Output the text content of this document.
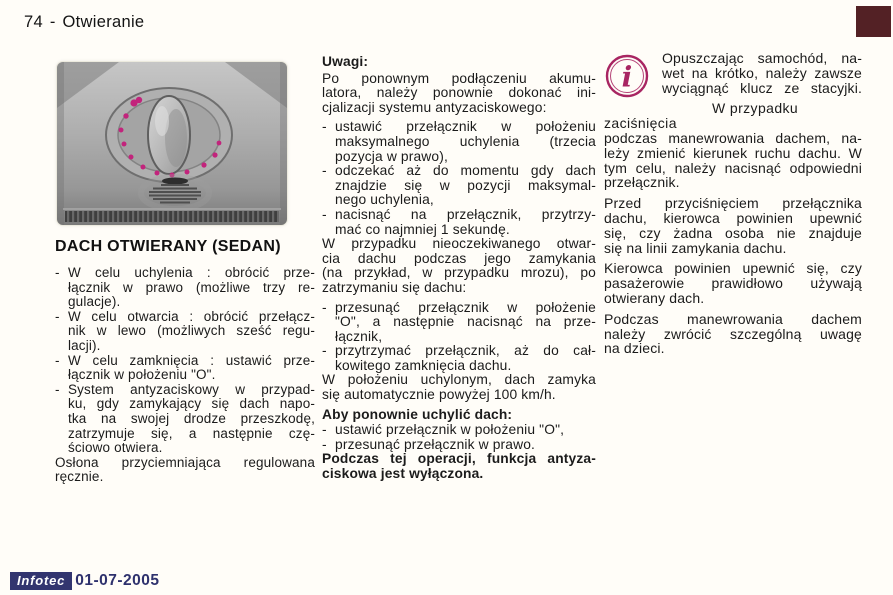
74 - Otwieranie
DACH OTWIERANY (SEDAN)
- W celu uchylenia : obrócić prze-
łącznik w prawo (możliwe trzy re-
gulacje).
- W celu otwarcia : obrócić przełącz-
nik w lewo (możliwych sześć regu-
lacji).
- W celu zamknięcia : ustawić prze-
łącznik w położeniu "O".
- System antyzaciskowy w przypad-
ku, gdy zamykający się dach napo-
tka na swojej drodze przeszkodę,
zatrzymuje się, a następnie czę-
ściowo otwiera.

Osłona przyciemniająca regulowana
ręcznie.

Uwagi:

Po ponownym podłączeniu akumu-
latora, należy ponownie dokonać ini-
cjalizacji systemu antyzaciskowego:

- ustawić przełącznik w położeniu
maksymalnego uchylenia (trzecia
pozycja w prawo),
- odczekać aż do momentu gdy dach
znajdzie się w pozycji maksymal-
nego uchylenia,
- nacisnąć na przełącznik, przytrzy-
mać co najmniej 1 sekundę.

W przypadku nieoczekiwanego otwar-
cia dachu podczas jego zamykania
(na przykład, w przypadku mrozu), po
zatrzymaniu się dachu:

- przesunąć przełącznik w położenie
"O", a następnie nacisnąć na prze-
łącznik,
- przytrzymać przełącznik, aż do cał-
kowitego zamknięcia dachu.

W położeniu uchylonym, dach zamyka
się automatycznie powyżej 100 km/h.

Aby ponownie uchylić dach:

- ustawić przełącznik w położeniu "O",
- przesunąć przełącznik w prawo.

Podczas tej operacji, funkcja antyza-
ciskowa jest wyłączona.

i

Opuszczając samochód, na-
wet na krótko, należy zawsze
wyciągnąć klucz ze stacyjki.

W przypadku zaciśnięcia
podczas manewrowania dachem, na-
leży zmienić kierunek ruchu dachu. W
tym celu, należy nacisnąć odpowiedni
przełącznik.

Przed przyciśnięciem przełącznika
dachu, kierowca powinien upewnić
się, czy żadna osoba nie znajduje
się na linii zamykania dachu.

Kierowca powinien upewnić się, czy
pasażerowie prawidłowo używają
otwierany dach.

Podczas manewrowania dachem
należy zwrócić szczególną uwagę
na dzieci.

Infotec 01-07-2005
